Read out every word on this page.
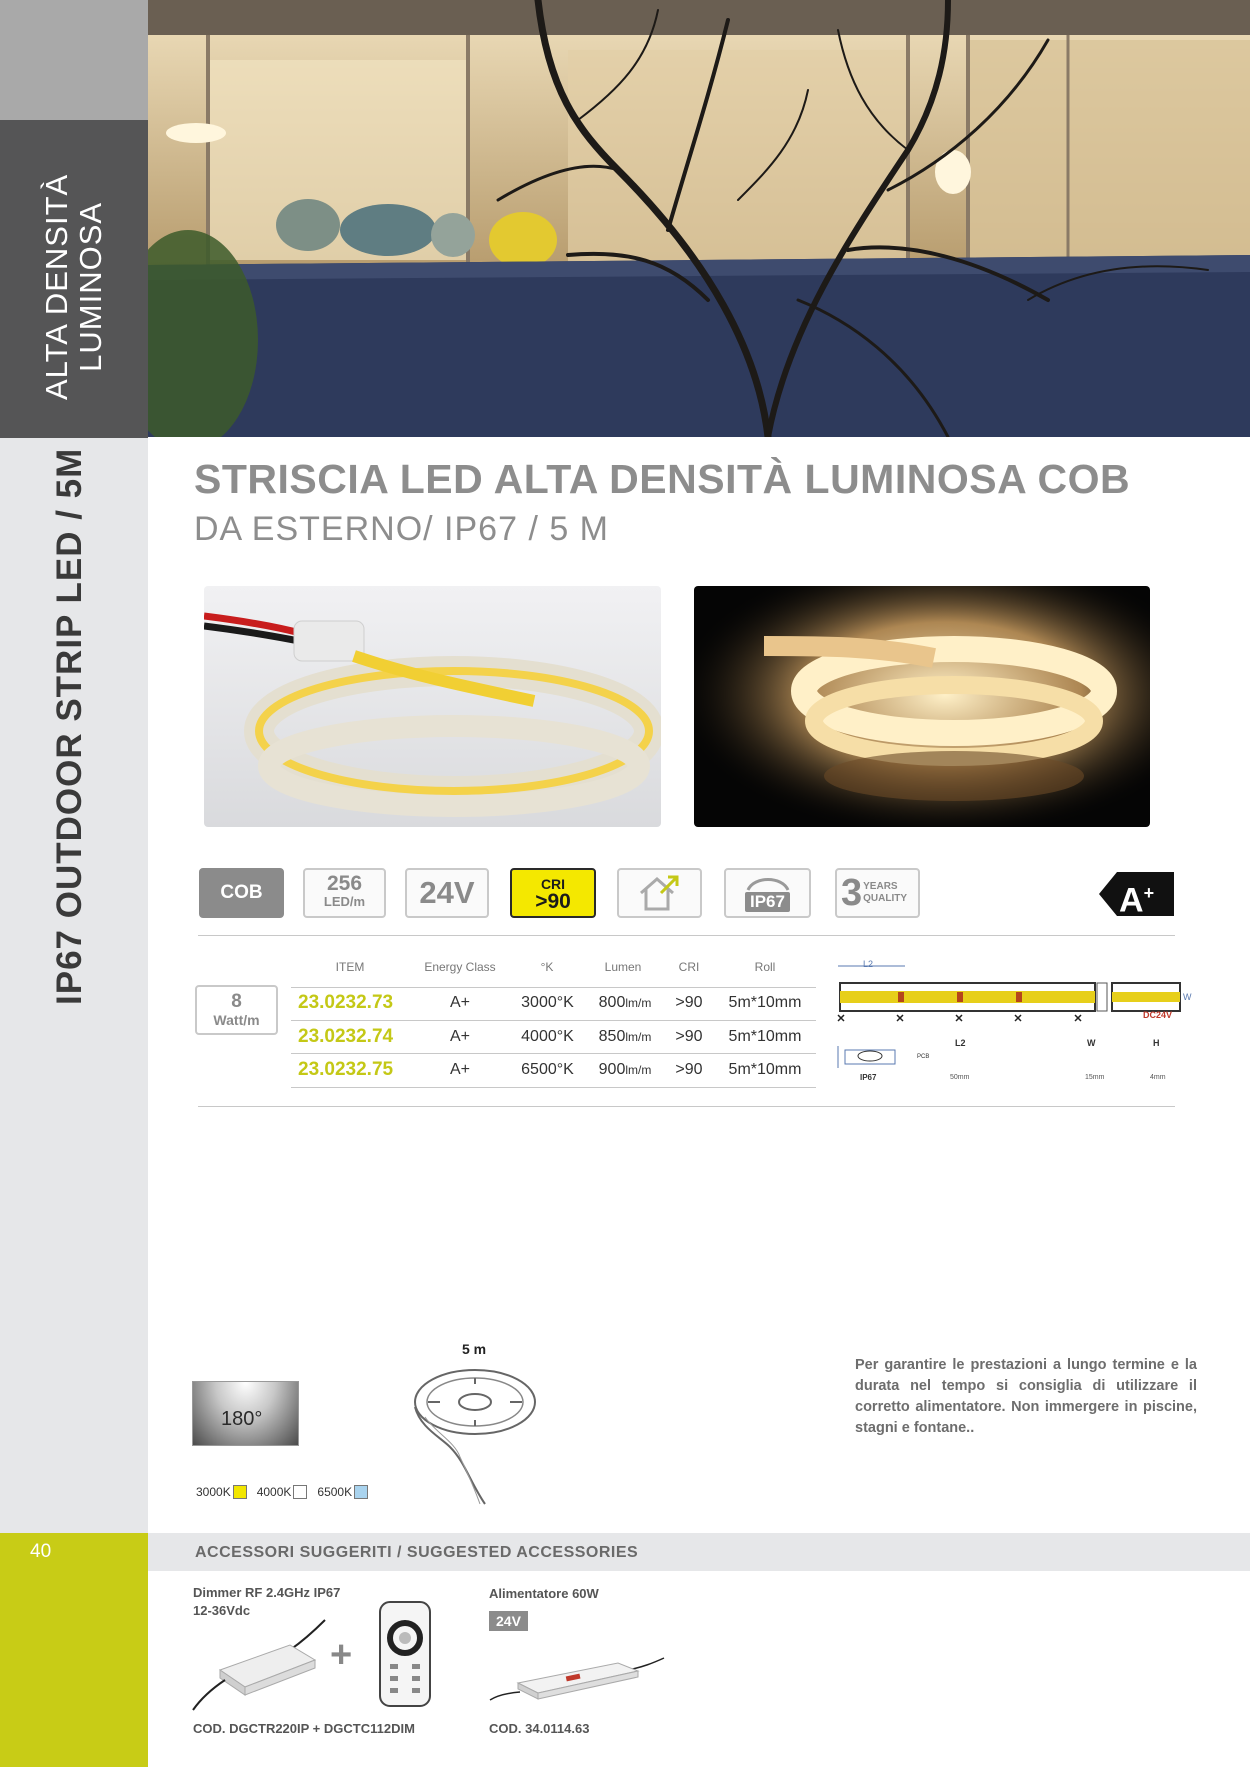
ALTA DENSITÀ LUMINOSA
IP67 OUTDOOR STRIP LED / 5M
40
STRISCIA LED ALTA DENSITÀ LUMINOSA COB
DA ESTERNO/ IP67 / 5 M
COB	256
LED/m 24V	CRI
>90	IP67 3 YEARS
QUALITY	A+
8
Watt/m
ITEM	Energy Class	°K	Lumen	CRI	Roll
23.0232.73	A+	3000°K	800lm/m	>90	5m*10mm
23.0232.74	A+	4000°K	850lm/m	>90	5m*10mm
23.0232.75	A+	6500°K	900lm/m	>90	5m*10mm
L2
DC24V
W
PCB
IP67
L2	W	H
50mm	15mm	4mm
180°
3000K 4000K 6500K
5 m
Per garantire le prestazioni a lungo termine e la durata nel tempo si consiglia di utilizzare il corretto alimentatore. Non immergere in piscine, stagni e fontane..
ACCESSORI SUGGERITI / SUGGESTED ACCESSORIES
Dimmer RF 2.4GHz IP67
12-36Vdc
+
COD. DGCTR220IP + DGCTC112DIM
Alimentatore 60W
24V
COD. 34.0114.63
